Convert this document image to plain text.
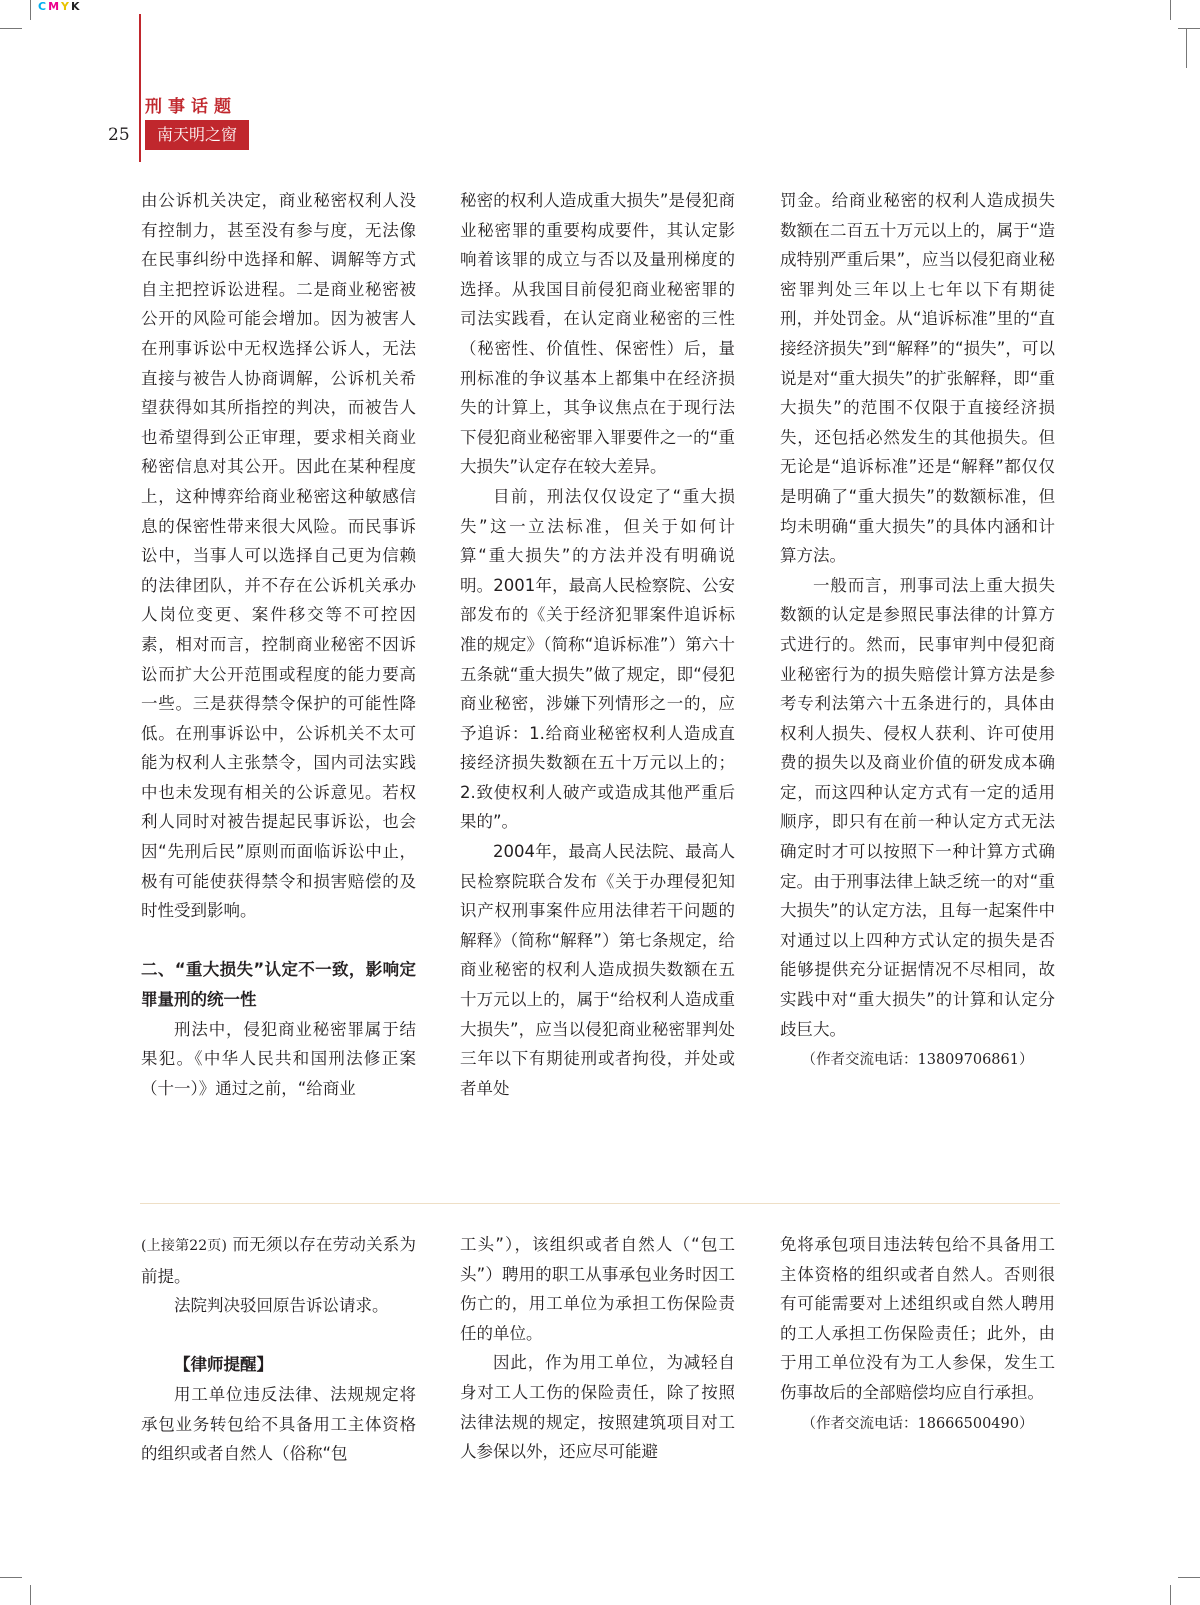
CMYK
刑事话题
25	南天明之窗

由公诉机关决定，商业秘密权利人没有控制力，甚至没有参与度，无法像在民事纠纷中选择和解、调解等方式自主把控诉讼进程。二是商业秘密被公开的风险可能会增加。因为被害人在刑事诉讼中无权选择公诉人，无法直接与被告人协商调解，公诉机关希望获得如其所指控的判决，而被告人也希望得到公正审理，要求相关商业秘密信息对其公开。因此在某种程度上，这种博弈给商业秘密这种敏感信息的保密性带来很大风险。而民事诉讼中，当事人可以选择自己更为信赖的法律团队，并不存在公诉机关承办人岗位变更、案件移交等不可控因素，相对而言，控制商业秘密不因诉讼而扩大公开范围或程度的能力要高一些。三是获得禁令保护的可能性降低。在刑事诉讼中，公诉机关不太可能为权利人主张禁令，国内司法实践中也未发现有相关的公诉意见。若权利人同时对被告提起民事诉讼，也会因“先刑后民”原则而面临诉讼中止，极有可能使获得禁令和损害赔偿的及时性受到影响。

二、“重大损失”认定不一致，影响定罪量刑的统一性

刑法中，侵犯商业秘密罪属于结果犯。《中华人民共和国刑法修正案（十一）》通过之前，“给商业

秘密的权利人造成重大损失”是侵犯商业秘密罪的重要构成要件，其认定影响着该罪的成立与否以及量刑梯度的选择。从我国目前侵犯商业秘密罪的司法实践看，在认定商业秘密的三性（秘密性、价值性、保密性）后，量刑标准的争议基本上都集中在经济损失的计算上，其争议焦点在于现行法下侵犯商业秘密罪入罪要件之一的“重大损失”认定存在较大差异。

目前，刑法仅仅设定了“重大损失”这一立法标准，但关于如何计算“重大损失”的方法并没有明确说明。2001年，最高人民检察院、公安部发布的《关于经济犯罪案件追诉标准的规定》（简称“追诉标准”）第六十五条就“重大损失”做了规定，即“侵犯商业秘密，涉嫌下列情形之一的，应予追诉：1.给商业秘密权利人造成直接经济损失数额在五十万元以上的；2.致使权利人破产或造成其他严重后果的”。

2004年，最高人民法院、最高人民检察院联合发布《关于办理侵犯知识产权刑事案件应用法律若干问题的解释》（简称“解释”）第七条规定，给商业秘密的权利人造成损失数额在五十万元以上的，属于“给权利人造成重大损失”，应当以侵犯商业秘密罪判处三年以下有期徒刑或者拘役，并处或者单处

罚金。给商业秘密的权利人造成损失数额在二百五十万元以上的，属于“造成特别严重后果”，应当以侵犯商业秘密罪判处三年以上七年以下有期徒刑，并处罚金。从“追诉标准”里的“直接经济损失”到“解释”的“损失”，可以说是对“重大损失”的扩张解释，即“重大损失”的范围不仅限于直接经济损失，还包括必然发生的其他损失。但无论是“追诉标准”还是“解释”都仅仅是明确了“重大损失”的数额标准，但均未明确“重大损失”的具体内涵和计算方法。

一般而言，刑事司法上重大损失数额的认定是参照民事法律的计算方式进行的。然而，民事审判中侵犯商业秘密行为的损失赔偿计算方法是参考专利法第六十五条进行的，具体由权利人损失、侵权人获利、许可使用费的损失以及商业价值的研发成本确定，而这四种认定方式有一定的适用顺序，即只有在前一种认定方式无法确定时才可以按照下一种计算方式确定。由于刑事法律上缺乏统一的对“重大损失”的认定方法，且每一起案件中对通过以上四种方式认定的损失是否能够提供充分证据情况不尽相同，故实践中对“重大损失”的计算和认定分歧巨大。

（作者交流电话：13809706861）

(上接第22页) 而无须以存在劳动关系为前提。

法院判决驳回原告诉讼请求。

【律师提醒】

用工单位违反法律、法规规定将承包业务转包给不具备用工主体资格的组织或者自然人（俗称“包

工头”），该组织或者自然人（“包工头”）聘用的职工从事承包业务时因工伤亡的，用工单位为承担工伤保险责任的单位。

因此，作为用工单位，为减轻自身对工人工伤的保险责任，除了按照法律法规的规定，按照建筑项目对工人参保以外，还应尽可能避

免将承包项目违法转包给不具备用工主体资格的组织或者自然人。否则很有可能需要对上述组织或自然人聘用的工人承担工伤保险责任；此外，由于用工单位没有为工人参保，发生工伤事故后的全部赔偿均应自行承担。

（作者交流电话：18666500490）
